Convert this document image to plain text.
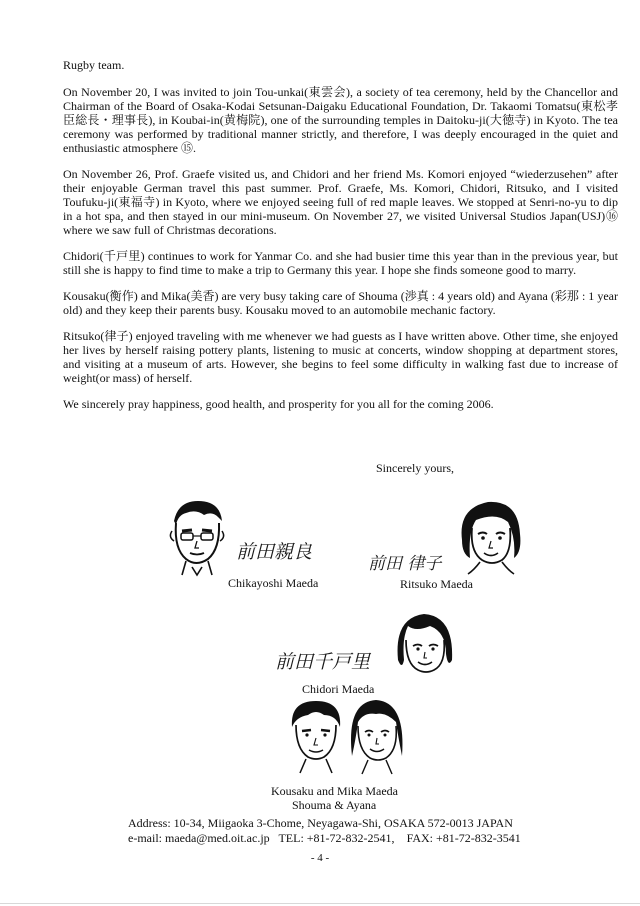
Rugby team.

On November 20, I was invited to join Tou-unkai(東雲会), a society of tea ceremony, held by the Chancellor and Chairman of the Board of Osaka-Kodai Setsunan-Daigaku Educational Foundation, Dr. Takaomi Tomatsu(東松孝臣総長・理事長), in Koubai-in(黄梅院), one of the surrounding temples in Daitoku-ji(大徳寺) in Kyoto. The tea ceremony was performed by traditional manner strictly, and therefore, I was deeply encouraged in the quiet and enthusiastic atmosphere ⑮.

On November 26, Prof. Graefe visited us, and Chidori and her friend Ms. Komori enjoyed “wiederzusehen” after their enjoyable German travel this past summer. Prof. Graefe, Ms. Komori, Chidori, Ritsuko, and I visited Toufuku-ji(東福寺) in Kyoto, where we enjoyed seeing full of red maple leaves. We stopped at Senri-no-yu to dip in a hot spa, and then stayed in our mini-museum. On November 27, we visited Universal Studios Japan(USJ)⑯ where we saw full of Christmas decorations.

Chidori(千戸里) continues to work for Yanmar Co. and she had busier time this year than in the previous year, but still she is happy to find time to make a trip to Germany this year. I hope she finds someone good to marry.

Kousaku(衡作) and Mika(美香) are very busy taking care of Shouma (渉真 : 4 years old) and Ayana (彩那 : 1 year old) and they keep their parents busy. Kousaku moved to an automobile mechanic factory.

Ritsuko(律子) enjoyed traveling with me whenever we had guests as I have written above. Other time, she enjoyed her lives by herself raising pottery plants, listening to music at concerts, window shopping at department stores, and visiting at a museum of arts. However, she begins to feel some difficulty in walking fast due to increase of weight(or mass) of herself.

We sincerely pray happiness, good health, and prosperity for you all for the coming 2006.

Sincerely yours,
前田親良
Chikayoshi Maeda
前田 律子
Ritsuko Maeda
前田千戸里
Chidori Maeda
Kousaku and Mika Maeda
Shouma & Ayana
Address: 10-34, Miigaoka 3-Chome, Neyagawa-Shi, OSAKA 572-0013 JAPAN
e-mail: maeda@med.oit.ac.jp TEL: +81-72-832-2541, FAX: +81-72-832-3541
- 4 -
